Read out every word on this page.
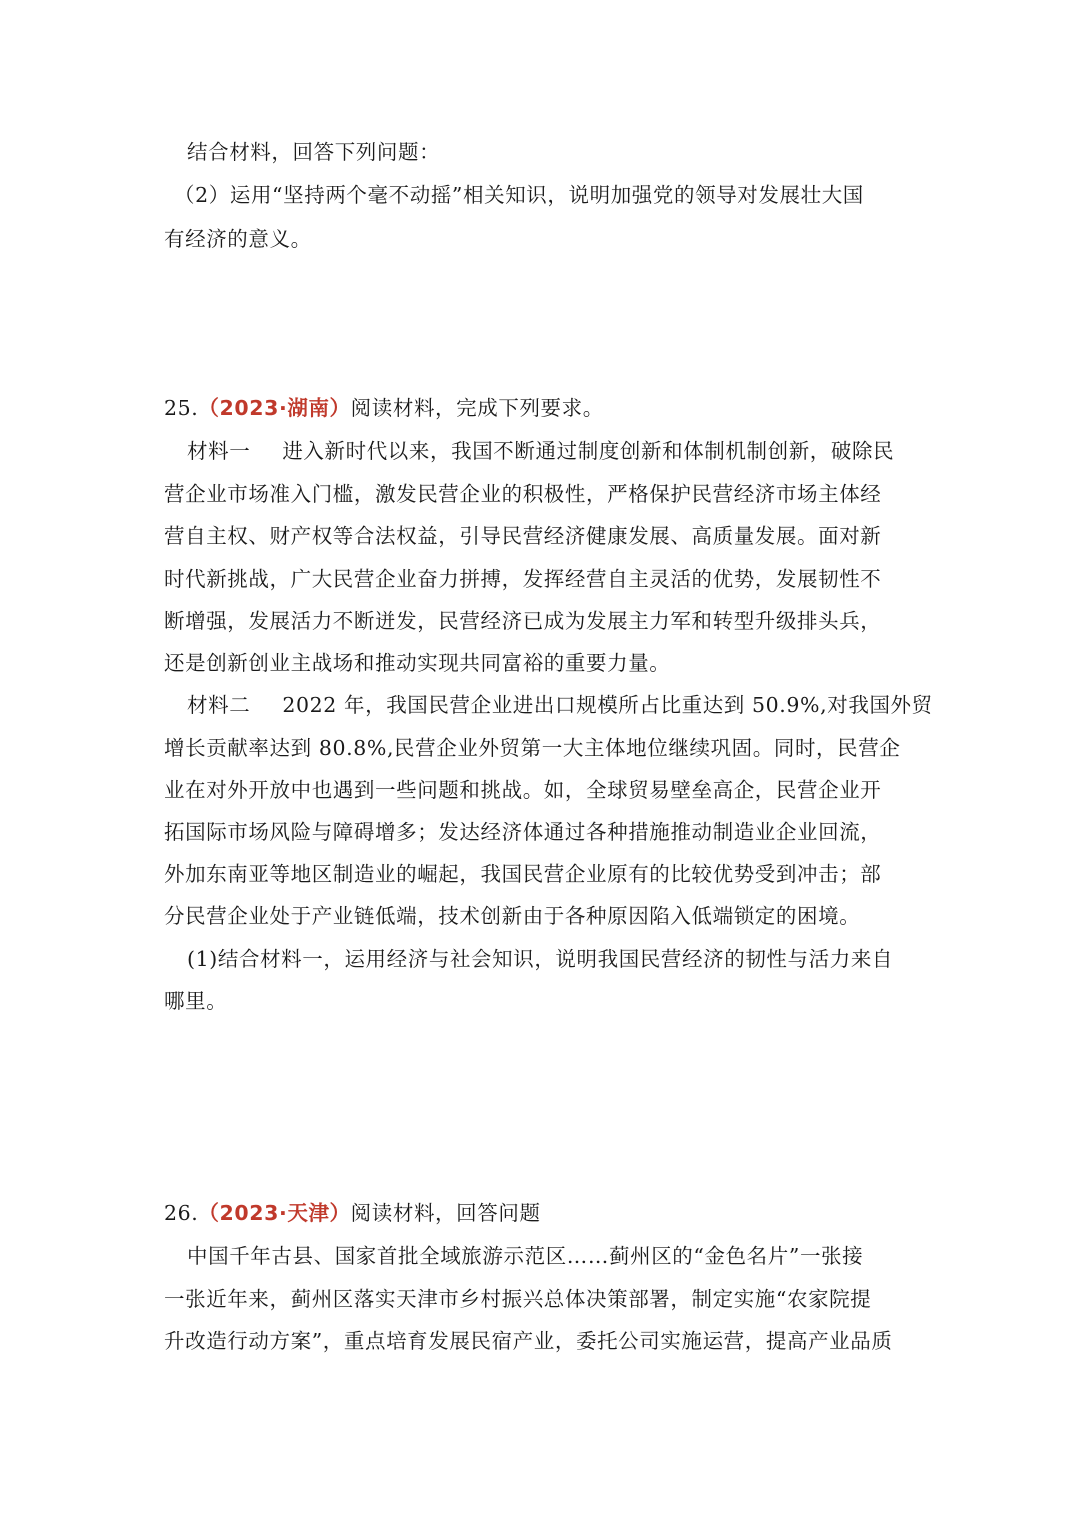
结合材料，回答下列问题：
（2）运用“坚持两个毫不动摇”相关知识，说明加强党的领导对发展壮大国
有经济的意义。
25.（2023·湖南）阅读材料，完成下列要求。
材料一 进入新时代以来，我国不断通过制度创新和体制机制创新，破除民
营企业市场准入门槛，激发民营企业的积极性，严格保护民营经济市场主体经
营自主权、财产权等合法权益，引导民营经济健康发展、高质量发展。面对新
时代新挑战，广大民营企业奋力拼搏，发挥经营自主灵活的优势，发展韧性不
断增强，发展活力不断迸发，民营经济已成为发展主力军和转型升级排头兵，
还是创新创业主战场和推动实现共同富裕的重要力量。
材料二 2022 年，我国民营企业进出口规模所占比重达到 50.9%,对我国外贸
增长贡献率达到 80.8%,民营企业外贸第一大主体地位继续巩固。同时，民营企
业在对外开放中也遇到一些问题和挑战。如，全球贸易壁垒高企，民营企业开
拓国际市场风险与障碍增多；发达经济体通过各种措施推动制造业企业回流，
外加东南亚等地区制造业的崛起，我国民营企业原有的比较优势受到冲击；部
分民营企业处于产业链低端，技术创新由于各种原因陷入低端锁定的困境。
(1)结合材料一，运用经济与社会知识，说明我国民营经济的韧性与活力来自
哪里。
26.（2023·天津）阅读材料，回答问题
中国千年古县、国家首批全域旅游示范区……蓟州区的“金色名片”一张接
一张近年来，蓟州区落实天津市乡村振兴总体决策部署，制定实施“农家院提
升改造行动方案”，重点培育发展民宿产业，委托公司实施运营，提高产业品质
